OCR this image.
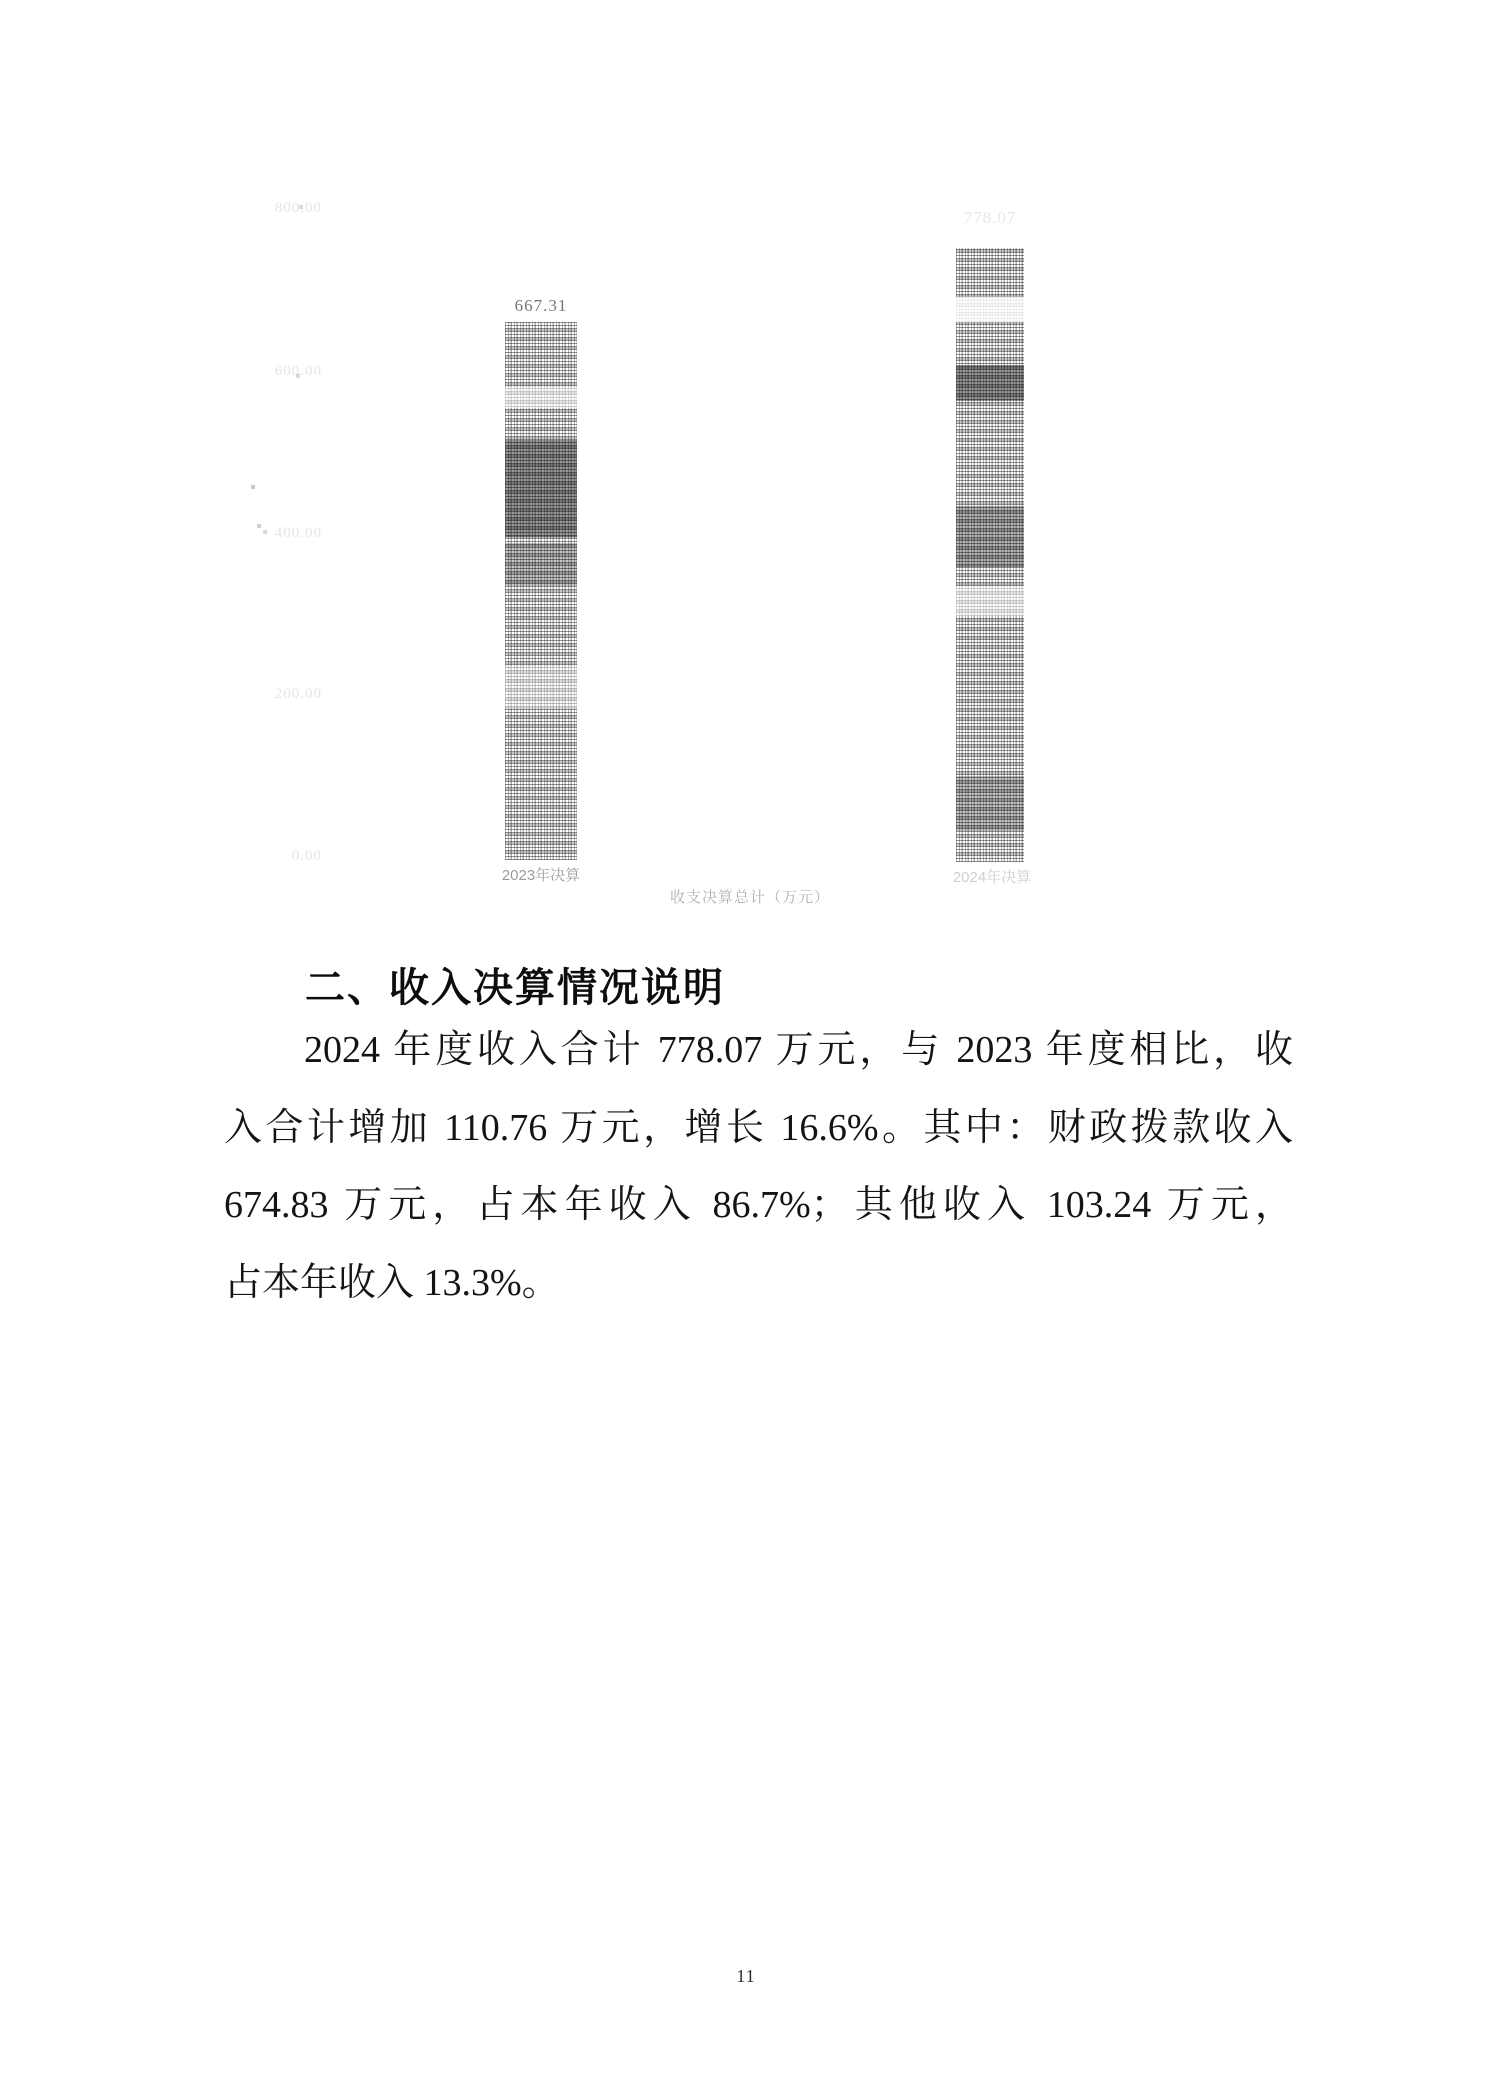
800.00
600.00
400.00
200.00
0.00
667.31
778.07
2023年决算	2024年决算
收支决算总计（万元）
二、收入决算情况说明
2024 年度收入合计 778.07 万元，与 2023 年度相比，收
入合计增加 110.76 万元，增长 16.6%。其中：财政拨款收入
674.83 万元，占本年收入 86.7%；其他收入 103.24 万元，
占本年收入 13.3%。
11
